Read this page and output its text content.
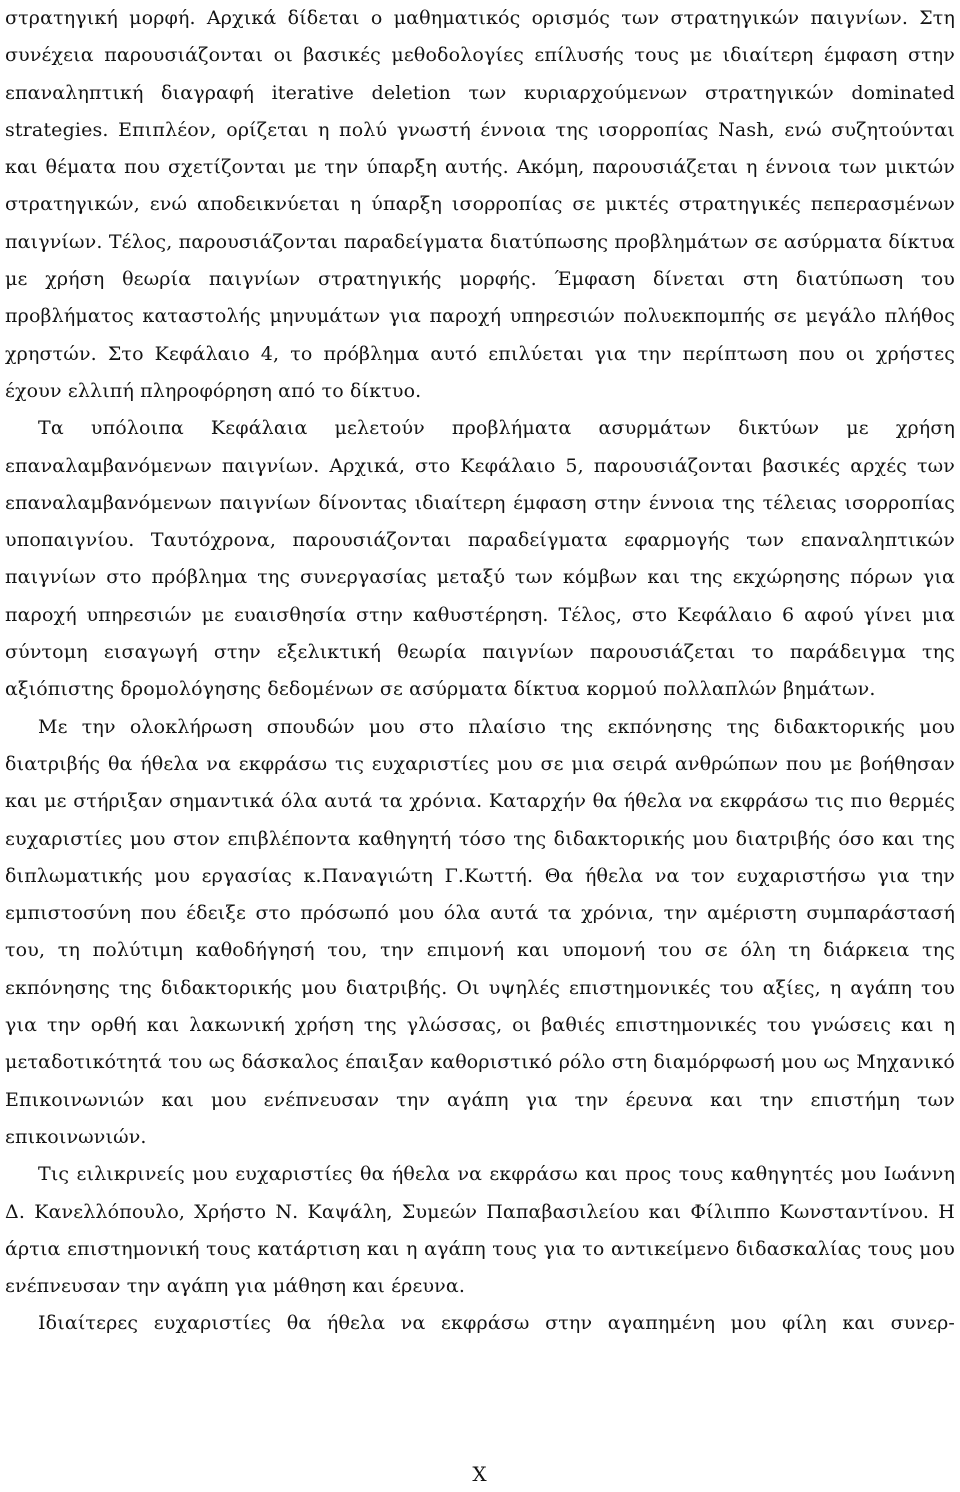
στρατηγική μορφή. Αρχικά δίδεται ο μαθηματικός ορισμός των στρατηγικών παιγνίων. Στη συνέχεια παρουσιάζονται οι βασικές μεθοδολογίες επίλυσής τους με ιδιαίτερη έμφαση στην επαναληπτική διαγραφή iterative deletion των κυριαρχούμενων στρατηγικών dominated strategies. Επιπλέον, ορίζεται η πολύ γνωστή έννοια της ισορροπίας Nash, ενώ συζητούνται και θέματα που σχετίζονται με την ύπαρξη αυτής. Ακόμη, παρουσιάζεται η έννοια των μικτών στρατηγικών, ενώ αποδεικνύεται η ύπαρξη ισορροπίας σε μικτές στρατηγικές πεπερασμένων παιγνίων. Τέλος, παρουσιάζονται παραδείγματα διατύπωσης προβλημάτων σε ασύρματα δίκτυα με χρήση θεωρία παιγνίων στρατηγικής μορφής. Έμφαση δίνεται στη διατύπωση του προβλήματος καταστολής μηνυμάτων για παροχή υπηρεσιών πολυεκπομπής σε μεγάλο πλήθος χρηστών. Στο Κεφάλαιο 4, το πρόβλημα αυτό επιλύεται για την περίπτωση που οι χρήστες έχουν ελλιπή πληροφόρηση από το δίκτυο.

Τα υπόλοιπα Κεφάλαια μελετούν προβλήματα ασυρμάτων δικτύων με χρήση επαναλαμβανόμενων παιγνίων. Αρχικά, στο Κεφάλαιο 5, παρουσιάζονται βασικές αρχές των επαναλαμβανόμενων παιγνίων δίνοντας ιδιαίτερη έμφαση στην έννοια της τέλειας ισορροπίας υποπαιγνίου. Ταυτόχρονα, παρουσιάζονται παραδείγματα εφαρμογής των επαναληπτικών παιγνίων στο πρόβλημα της συνεργασίας μεταξύ των κόμβων και της εκχώρησης πόρων για παροχή υπηρεσιών με ευαισθησία στην καθυστέρηση. Τέλος, στο Κεφάλαιο 6 αφού γίνει μια σύντομη εισαγωγή στην εξελικτική θεωρία παιγνίων παρουσιάζεται το παράδειγμα της αξιόπιστης δρομολόγησης δεδομένων σε ασύρματα δίκτυα κορμού πολλαπλών βημάτων.

Με την ολοκλήρωση σπουδών μου στο πλαίσιο της εκπόνησης της διδακτορικής μου διατριβής θα ήθελα να εκφράσω τις ευχαριστίες μου σε μια σειρά ανθρώπων που με βοήθησαν και με στήριξαν σημαντικά όλα αυτά τα χρόνια. Καταρχήν θα ήθελα να εκφράσω τις πιο θερμές ευχαριστίες μου στον επιβλέποντα καθηγητή τόσο της διδακτορικής μου διατριβής όσο και της διπλωματικής μου εργασίας κ.Παναγιώτη Γ.Κωττή. Θα ήθελα να τον ευχαριστήσω για την εμπιστοσύνη που έδειξε στο πρόσωπό μου όλα αυτά τα χρόνια, την αμέριστη συμπαράστασή του, τη πολύτιμη καθοδήγησή του, την επιμονή και υπομονή του σε όλη τη διάρκεια της εκπόνησης της διδακτορικής μου διατριβής. Οι υψηλές επιστημονικές του αξίες, η αγάπη του για την ορθή και λακωνική χρήση της γλώσσας, οι βαθιές επιστημονικές του γνώσεις και η μεταδοτικότητά του ως δάσκαλος έπαιξαν καθοριστικό ρόλο στη διαμόρφωσή μου ως Μηχανικό Επικοινωνιών και μου ενέπνευσαν την αγάπη για την έρευνα και την επιστήμη των επικοινωνιών.

Τις ειλικρινείς μου ευχαριστίες θα ήθελα να εκφράσω και προς τους καθηγητές μου Ιωάννη Δ. Κανελλόπουλο, Χρήστο Ν. Καψάλη, Συμεών Παπαβασιλείου και Φίλιππο Κωνσταντίνου. Η άρτια επιστημονική τους κατάρτιση και η αγάπη τους για το αντικείμενο διδασκαλίας τους μου ενέπνευσαν την αγάπη για μάθηση και έρευνα.

Ιδιαίτερες ευχαριστίες θα ήθελα να εκφράσω στην αγαπημένη μου φίλη και συνερ-

X
